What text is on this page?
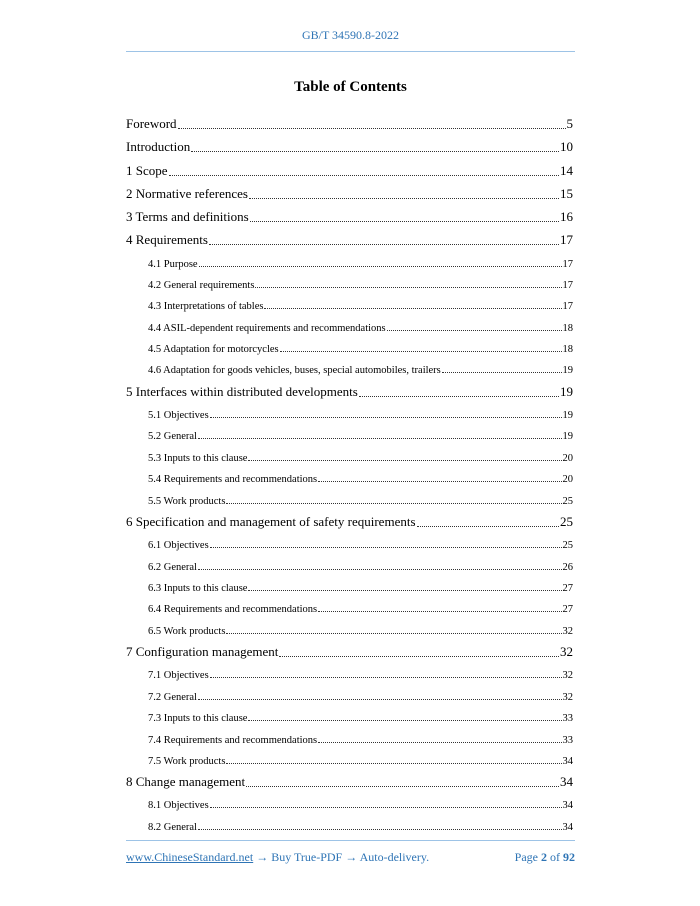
GB/T 34590.8-2022
Table of Contents
Foreword	5
Introduction	10
1 Scope	14
2 Normative references	15
3 Terms and definitions	16
4 Requirements	17
4.1 Purpose	17
4.2 General requirements	17
4.3 Interpretations of tables	17
4.4 ASIL-dependent requirements and recommendations	18
4.5 Adaptation for motorcycles	18
4.6 Adaptation for goods vehicles, buses, special automobiles, trailers	19
5 Interfaces within distributed developments	19
5.1 Objectives	19
5.2 General	19
5.3 Inputs to this clause	20
5.4 Requirements and recommendations	20
5.5 Work products	25
6 Specification and management of safety requirements	25
6.1 Objectives	25
6.2 General	26
6.3 Inputs to this clause	27
6.4 Requirements and recommendations	27
6.5 Work products	32
7 Configuration management	32
7.1 Objectives	32
7.2 General	32
7.3 Inputs to this clause	33
7.4 Requirements and recommendations	33
7.5 Work products	34
8 Change management	34
8.1 Objectives	34
8.2 General	34
www.ChineseStandard.net → Buy True-PDF → Auto-delivery.	Page 2 of 92
